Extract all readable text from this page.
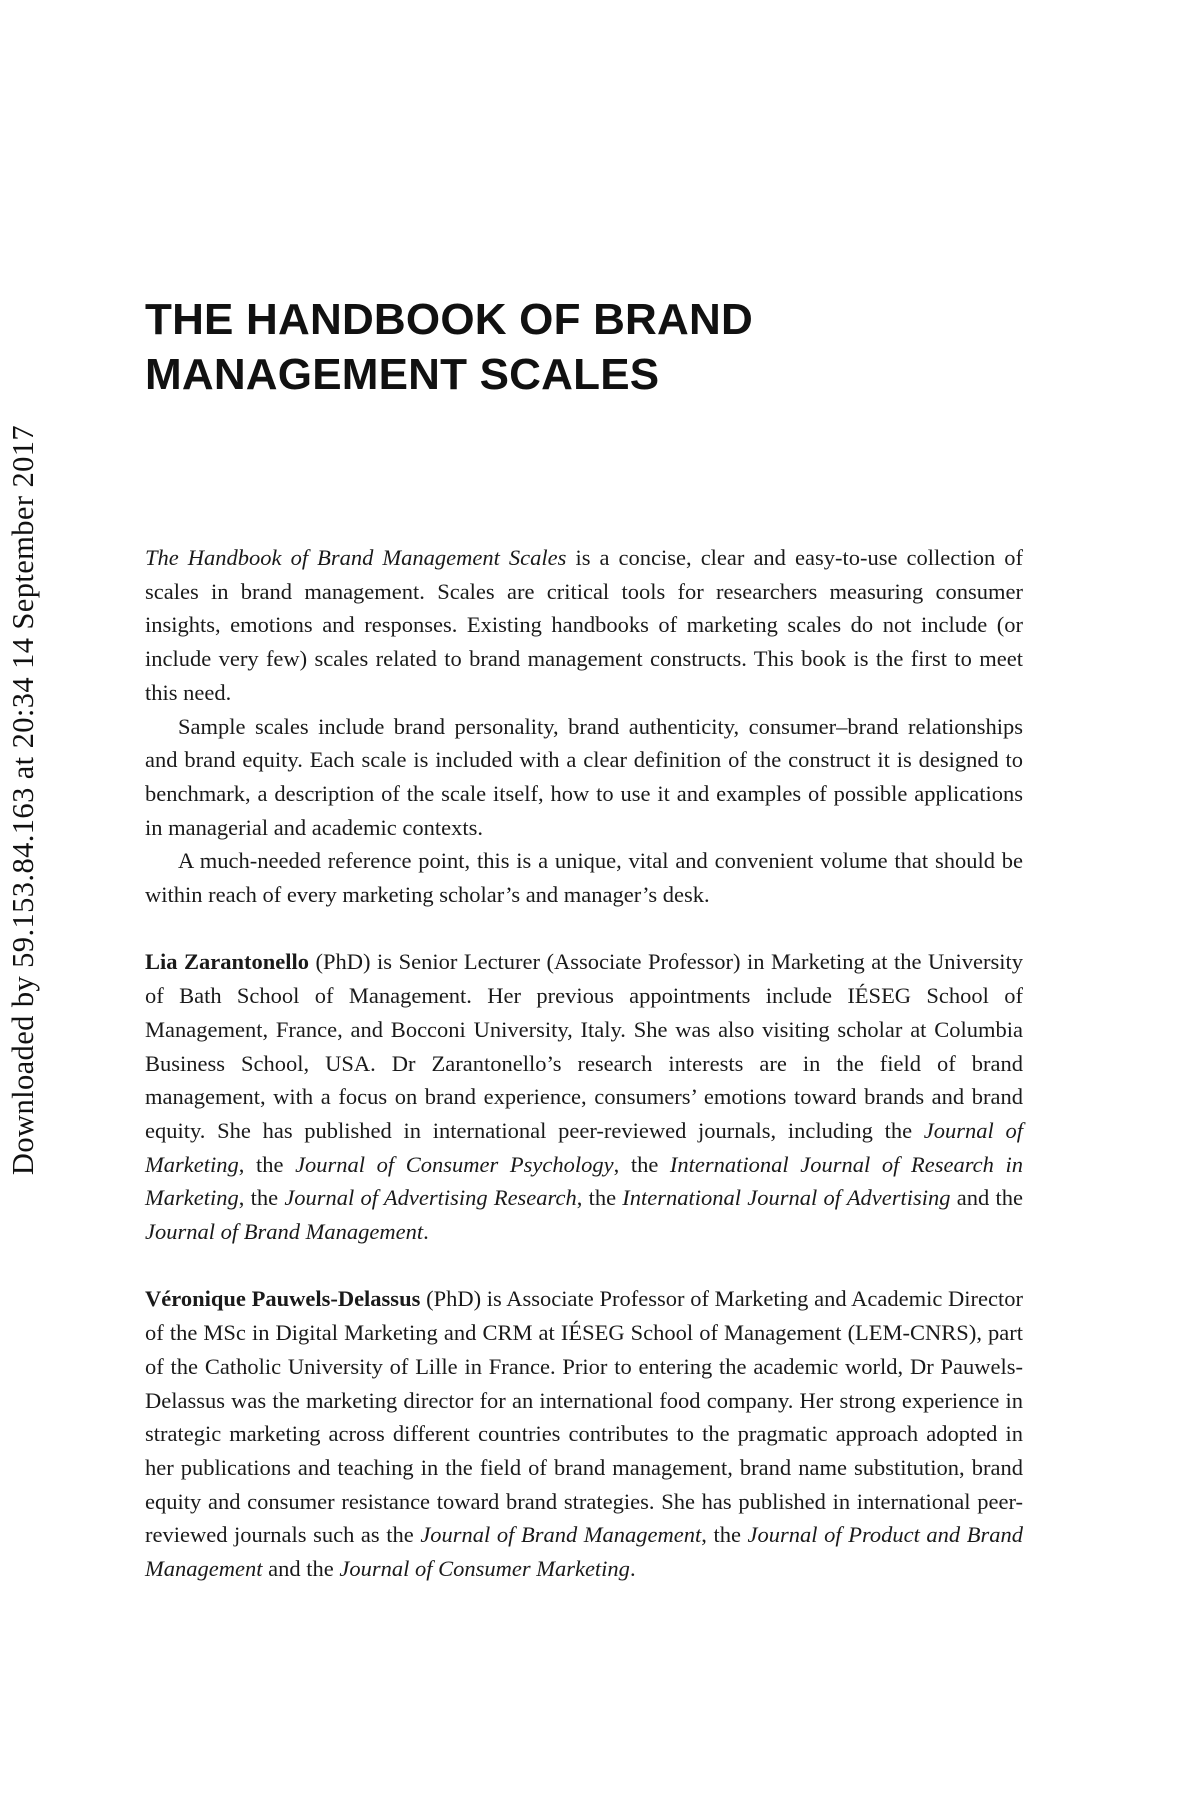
Downloaded by 59.153.84.163 at 20:34 14 September 2017
THE HANDBOOK OF BRAND
MANAGEMENT SCALES

The Handbook of Brand Management Scales is a concise, clear and easy-to-use collection of scales in brand management. Scales are critical tools for researchers measuring consumer insights, emotions and responses. Existing handbooks of marketing scales do not include (or include very few) scales related to brand management constructs. This book is the first to meet this need.

Sample scales include brand personality, brand authenticity, consumer–brand relationships and brand equity. Each scale is included with a clear definition of the construct it is designed to benchmark, a description of the scale itself, how to use it and examples of possible applications in managerial and academic contexts.

A much-needed reference point, this is a unique, vital and convenient volume that should be within reach of every marketing scholar’s and manager’s desk.

Lia Zarantonello (PhD) is Senior Lecturer (Associate Professor) in Marketing at the University of Bath School of Management. Her previous appointments include IÉSEG School of Management, France, and Bocconi University, Italy. She was also visiting scholar at Columbia Business School, USA. Dr Zarantonello’s research interests are in the field of brand management, with a focus on brand experience, consumers’ emotions toward brands and brand equity. She has published in international peer-reviewed journals, including the Journal of Marketing, the Journal of Consumer Psychology, the International Journal of Research in Marketing, the Journal of Advertising Research, the International Journal of Advertising and the Journal of Brand Management.

Véronique Pauwels-Delassus (PhD) is Associate Professor of Marketing and Academic Director of the MSc in Digital Marketing and CRM at IÉSEG School of Management (LEM-CNRS), part of the Catholic University of Lille in France. Prior to entering the academic world, Dr Pauwels-Delassus was the marketing director for an international food company. Her strong experience in strategic marketing across different countries contributes to the pragmatic approach adopted in her publications and teaching in the field of brand management, brand name substitution, brand equity and consumer resistance toward brand strategies. She has published in international peer-reviewed journals such as the Journal of Brand Management, the Journal of Product and Brand Management and the Journal of Consumer Marketing.
